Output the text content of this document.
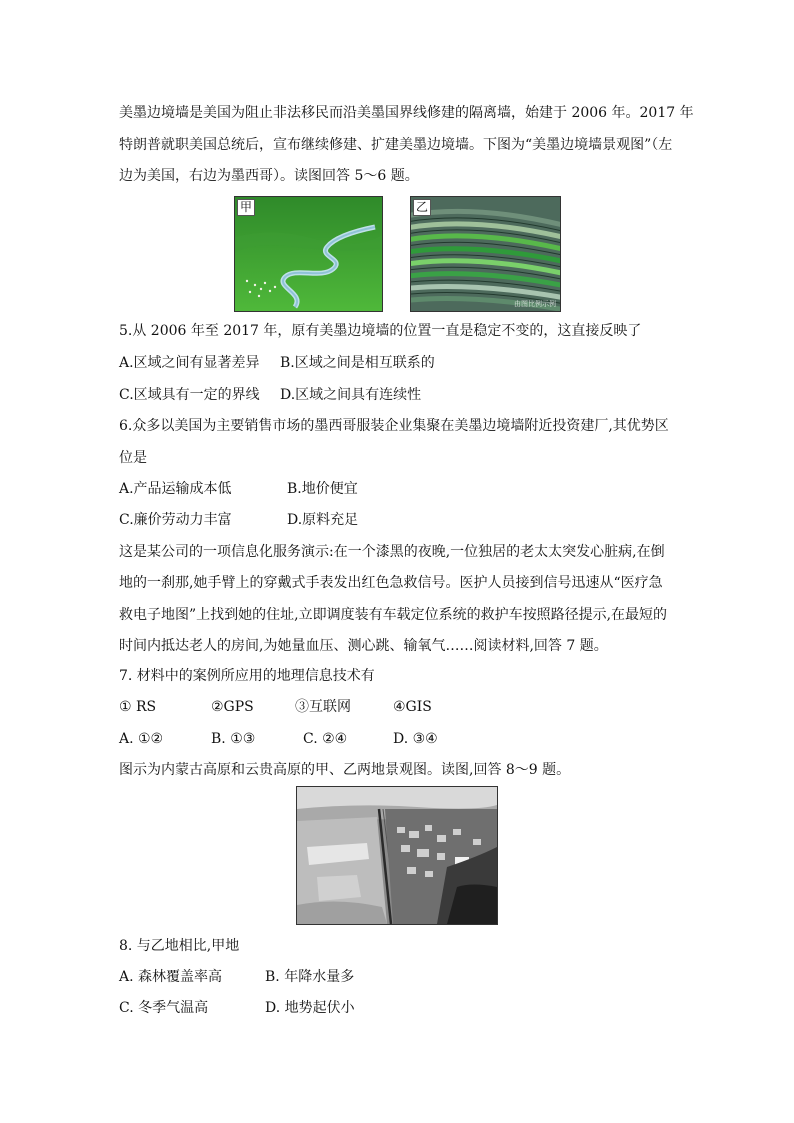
美墨边境墙是美国为阻止非法移民而沿美墨国界线修建的隔离墙，始建于 2006 年。2017 年
特朗普就职美国总统后，宣布继续修建、扩建美墨边境墙。下图为“美墨边境墙景观图”（左
边为美国，右边为墨西哥）。读图回答 5～6 题。
甲	乙
由图比例示例
5.从 2006 年至 2017 年，原有美墨边境墙的位置一直是稳定不变的，这直接反映了
A.区域之间有显著差异 B.区域之间是相互联系的
C.区域具有一定的界线 D.区域之间具有连续性
6.众多以美国为主要销售市场的墨西哥服装企业集聚在美墨边境墙附近投资建厂,其优势区
位是
A.产品运输成本低	B.地价便宜
C.廉价劳动力丰富	D.原料充足
这是某公司的一项信息化服务演示:在一个漆黑的夜晚,一位独居的老太太突发心脏病,在倒
地的一刹那,她手臂上的穿戴式手表发出红色急救信号。医护人员接到信号迅速从“医疗急
救电子地图”上找到她的住址,立即调度装有车载定位系统的救护车按照路径提示,在最短的
时间内抵达老人的房间,为她量血压、测心跳、输氧气……阅读材料,回答 7 题。
7. 材料中的案例所应用的地理信息技术有
① RS	②GPS	③互联网	④GIS
A. ①②	B. ①③	C. ②④	D. ③④
图示为内蒙古高原和云贵高原的甲、乙两地景观图。读图,回答 8～9 题。
8. 与乙地相比,甲地
A. 森林覆盖率高	B. 年降水量多
C. 冬季气温高	D. 地势起伏小
